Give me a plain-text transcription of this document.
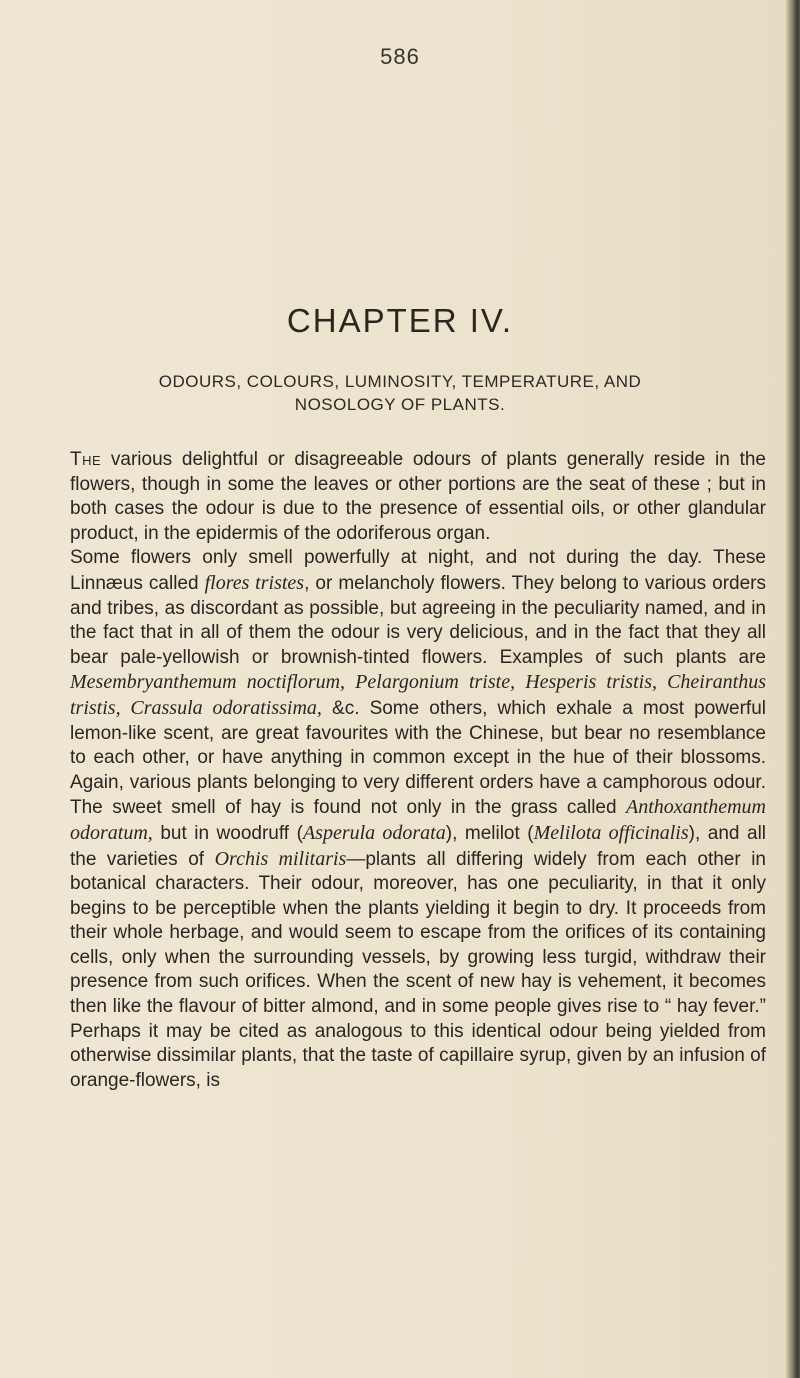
586
CHAPTER IV.
ODOURS, COLOURS, LUMINOSITY, TEMPERATURE, AND
NOSOLOGY OF PLANTS.

The various delightful or disagreeable odours of plants generally reside in the flowers, though in some the leaves or other portions are the seat of these ; but in both cases the odour is due to the presence of essential oils, or other glandular product, in the epidermis of the odoriferous organ.

Some flowers only smell powerfully at night, and not during the day. These Linnæus called flores tristes, or melancholy flowers. They belong to various orders and tribes, as discordant as possible, but agreeing in the peculiarity named, and in the fact that in all of them the odour is very delicious, and in the fact that they all bear pale-yellowish or brownish-tinted flowers. Examples of such plants are Mesembryanthemum noctiflorum, Pelargonium triste, Hesperis tristis, Cheiranthus tristis, Crassula odoratissima, &c. Some others, which exhale a most powerful lemon-like scent, are great favourites with the Chinese, but bear no resemblance to each other, or have anything in common except in the hue of their blossoms. Again, various plants belonging to very different orders have a camphorous odour. The sweet smell of hay is found not only in the grass called Anthoxanthemum odoratum, but in woodruff (Asperula odorata), melilot (Melilota officinalis), and all the varieties of Orchis militaris—plants all differing widely from each other in botanical characters. Their odour, moreover, has one peculiarity, in that it only begins to be perceptible when the plants yielding it begin to dry. It proceeds from their whole herbage, and would seem to escape from the orifices of its containing cells, only when the surrounding vessels, by growing less turgid, withdraw their presence from such orifices. When the scent of new hay is vehement, it becomes then like the flavour of bitter almond, and in some people gives rise to “ hay fever.” Perhaps it may be cited as analogous to this identical odour being yielded from otherwise dissimilar plants, that the taste of capillaire syrup, given by an infusion of orange-flowers, is
